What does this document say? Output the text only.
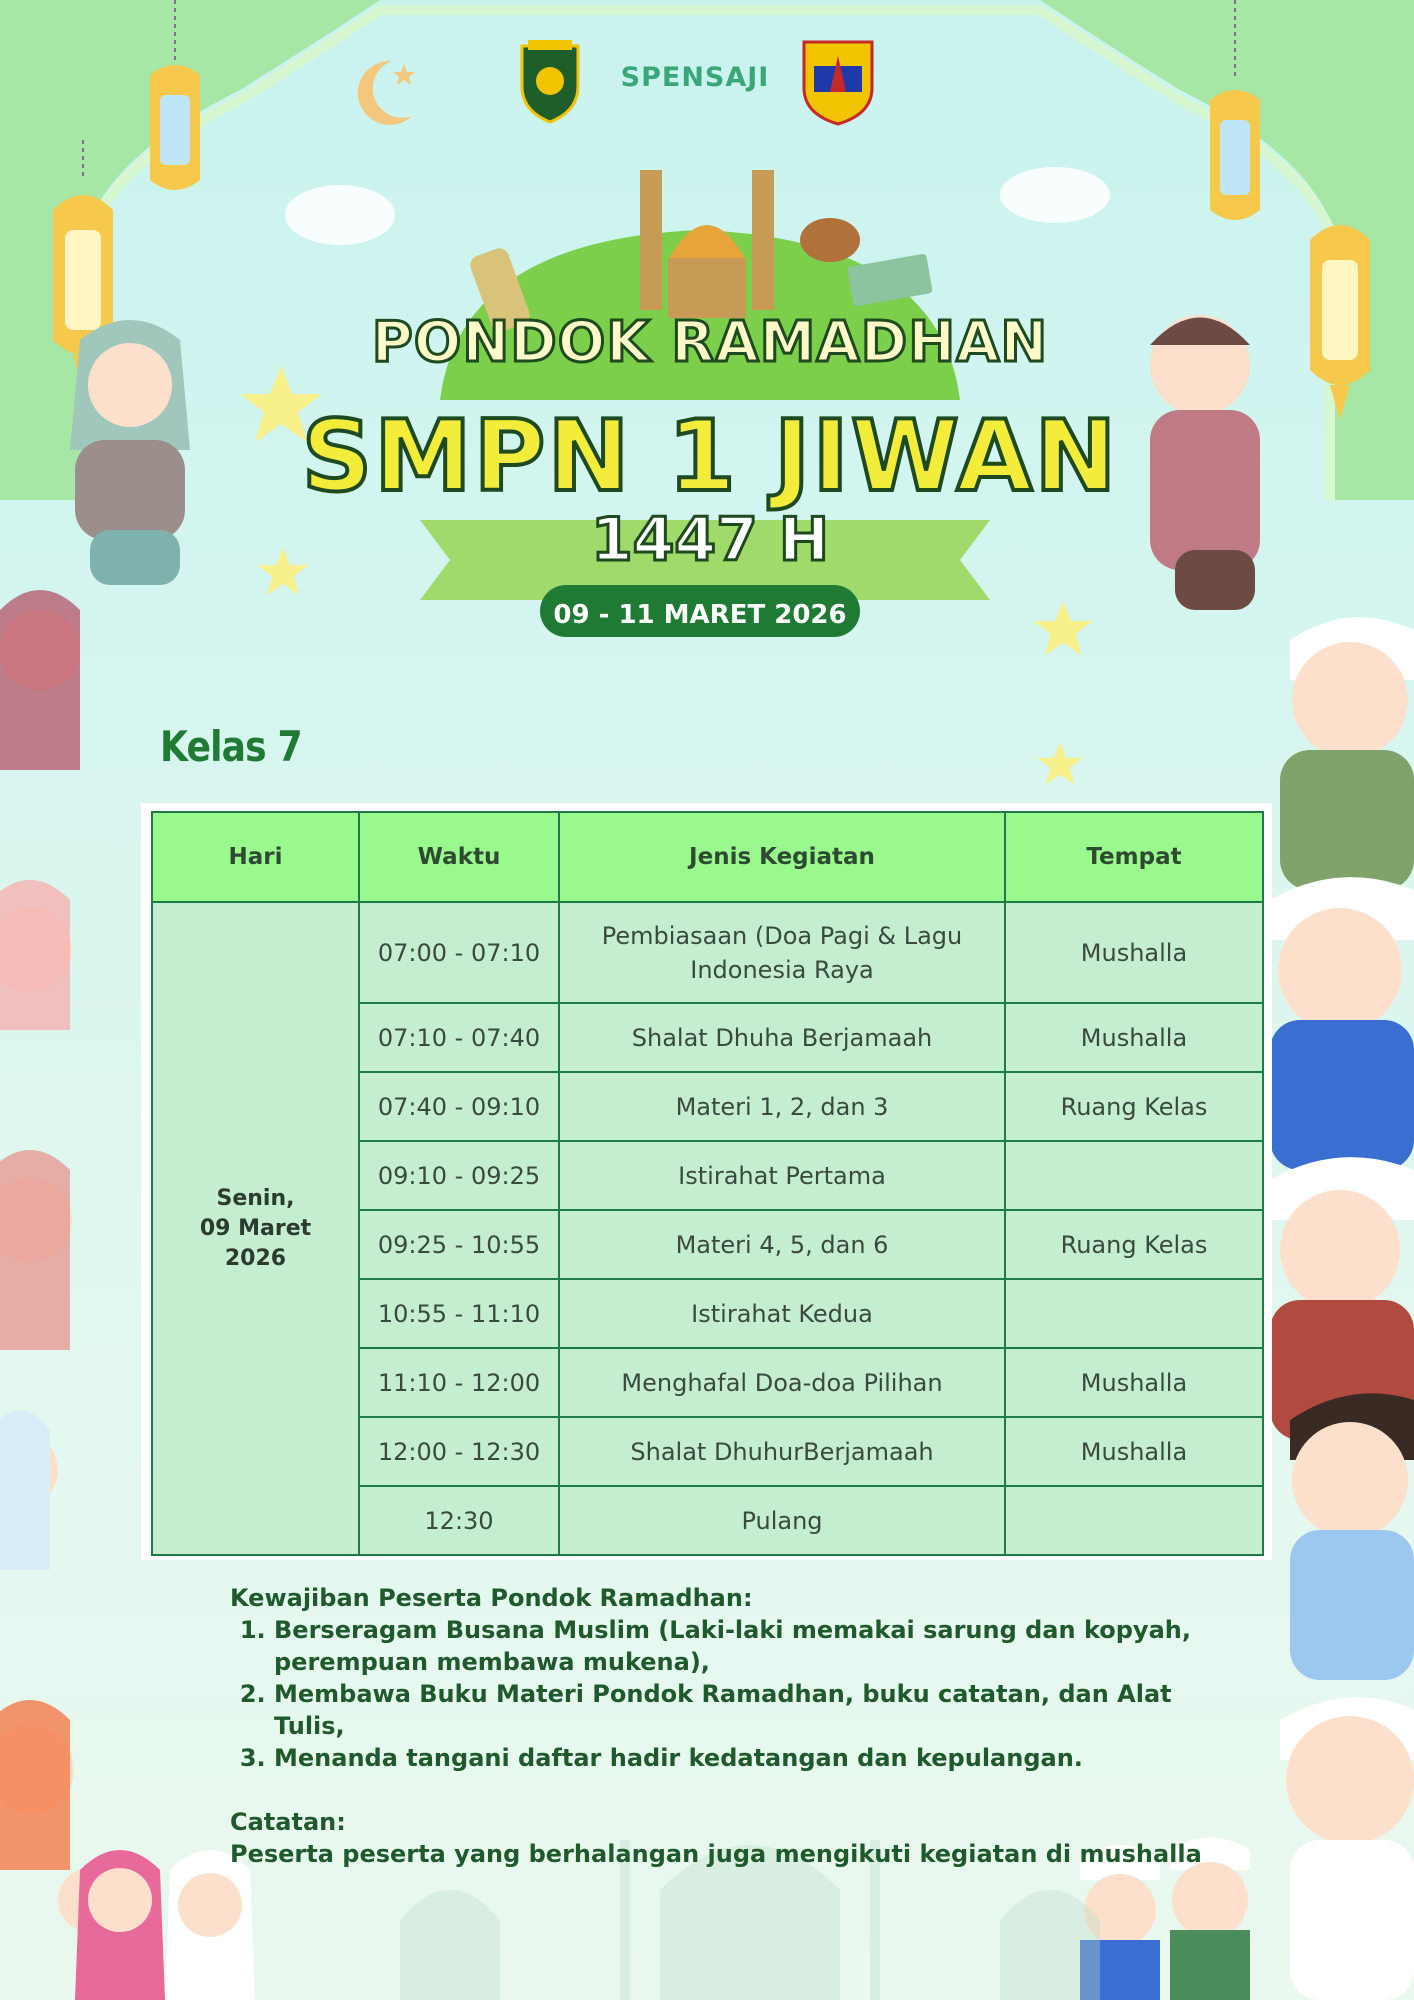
SPENSAJI
PONDOK RAMADHAN
SMPN 1 JIWAN
1447 H
09 - 11 MARET 2026
Kelas 7
Hari	Waktu	Jenis Kegiatan	Tempat
Senin,
09 Maret 2026	07:00 - 07:10	Pembiasaan (Doa Pagi & Lagu Indonesia Raya	Mushalla
	07:10 - 07:40	Shalat Dhuha Berjamaah	Mushalla
	07:40 - 09:10	Materi 1, 2, dan 3	Ruang Kelas
	09:10 - 09:25	Istirahat Pertama	
	09:25 - 10:55	Materi 4, 5, dan 6	Ruang Kelas
	10:55 - 11:10	Istirahat Kedua	
	11:10 - 12:00	Menghafal Doa-doa Pilihan	Mushalla
	12:00 - 12:30	Shalat DhuhurBerjamaah	Mushalla
	12:30	Pulang	
Kewajiban Peserta Pondok Ramadhan:
1. Berseragam Busana Muslim (Laki-laki memakai sarung dan kopyah, perempuan membawa mukena),
2. Membawa Buku Materi Pondok Ramadhan, buku catatan, dan Alat Tulis,
3. Menanda tangani daftar hadir kedatangan dan kepulangan.
Catatan:
Peserta peserta yang berhalangan juga mengikuti kegiatan di mushalla
